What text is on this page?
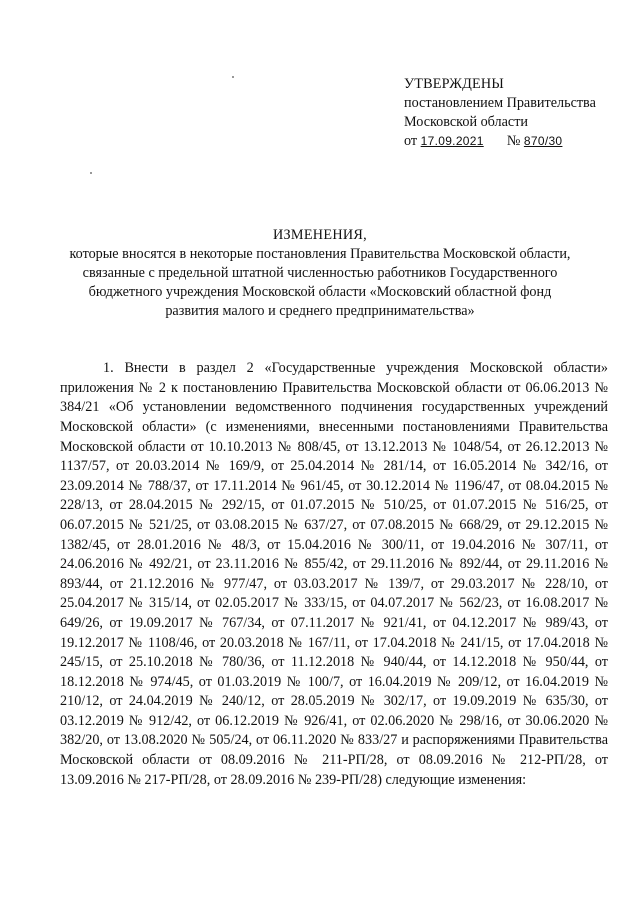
УТВЕРЖДЕНЫ
постановлением Правительства
Московской области
от 17.09.2021 № 870/30
ИЗМЕНЕНИЯ,
которые вносятся в некоторые постановления Правительства Московской области,
связанные с предельной штатной численностью работников Государственного
бюджетного учреждения Московской области «Московский областной фонд
развития малого и среднего предпринимательства»

1. Внести в раздел 2 «Государственные учреждения Московской области» приложения № 2 к постановлению Правительства Московской области от 06.06.2013 № 384/21 «Об установлении ведомственного подчинения государственных учреждений Московской области» (с изменениями, внесенными постановлениями Правительства Московской области от 10.10.2013 № 808/45, от 13.12.2013 № 1048/54, от 26.12.2013 № 1137/57, от 20.03.2014 № 169/9, от 25.04.2014 № 281/14, от 16.05.2014 № 342/16, от 23.09.2014 № 788/37, от 17.11.2014 № 961/45, от 30.12.2014 № 1196/47, от 08.04.2015 № 228/13, от 28.04.2015 № 292/15, от 01.07.2015 № 510/25, от 01.07.2015 № 516/25, от 06.07.2015 № 521/25, от 03.08.2015 № 637/27, от 07.08.2015 № 668/29, от 29.12.2015 № 1382/45, от 28.01.2016 № 48/3, от 15.04.2016 № 300/11, от 19.04.2016 № 307/11, от 24.06.2016 № 492/21, от 23.11.2016 № 855/42, от 29.11.2016 № 892/44, от 29.11.2016 № 893/44, от 21.12.2016 № 977/47, от 03.03.2017 № 139/7, от 29.03.2017 № 228/10, от 25.04.2017 № 315/14, от 02.05.2017 № 333/15, от 04.07.2017 № 562/23, от 16.08.2017 № 649/26, от 19.09.2017 № 767/34, от 07.11.2017 № 921/41, от 04.12.2017 № 989/43, от 19.12.2017 № 1108/46, от 20.03.2018 № 167/11, от 17.04.2018 № 241/15, от 17.04.2018 № 245/15, от 25.10.2018 № 780/36, от 11.12.2018 № 940/44, от 14.12.2018 № 950/44, от 18.12.2018 № 974/45, от 01.03.2019 № 100/7, от 16.04.2019 № 209/12, от 16.04.2019 № 210/12, от 24.04.2019 № 240/12, от 28.05.2019 № 302/17, от 19.09.2019 № 635/30, от 03.12.2019 № 912/42, от 06.12.2019 № 926/41, от 02.06.2020 № 298/16, от 30.06.2020 № 382/20, от 13.08.2020 № 505/24, от 06.11.2020 № 833/27 и распоряжениями Правительства Московской области от 08.09.2016 № 211-РП/28, от 08.09.2016 № 212-РП/28, от 13.09.2016 № 217-РП/28, от 28.09.2016 № 239-РП/28) следующие изменения:
